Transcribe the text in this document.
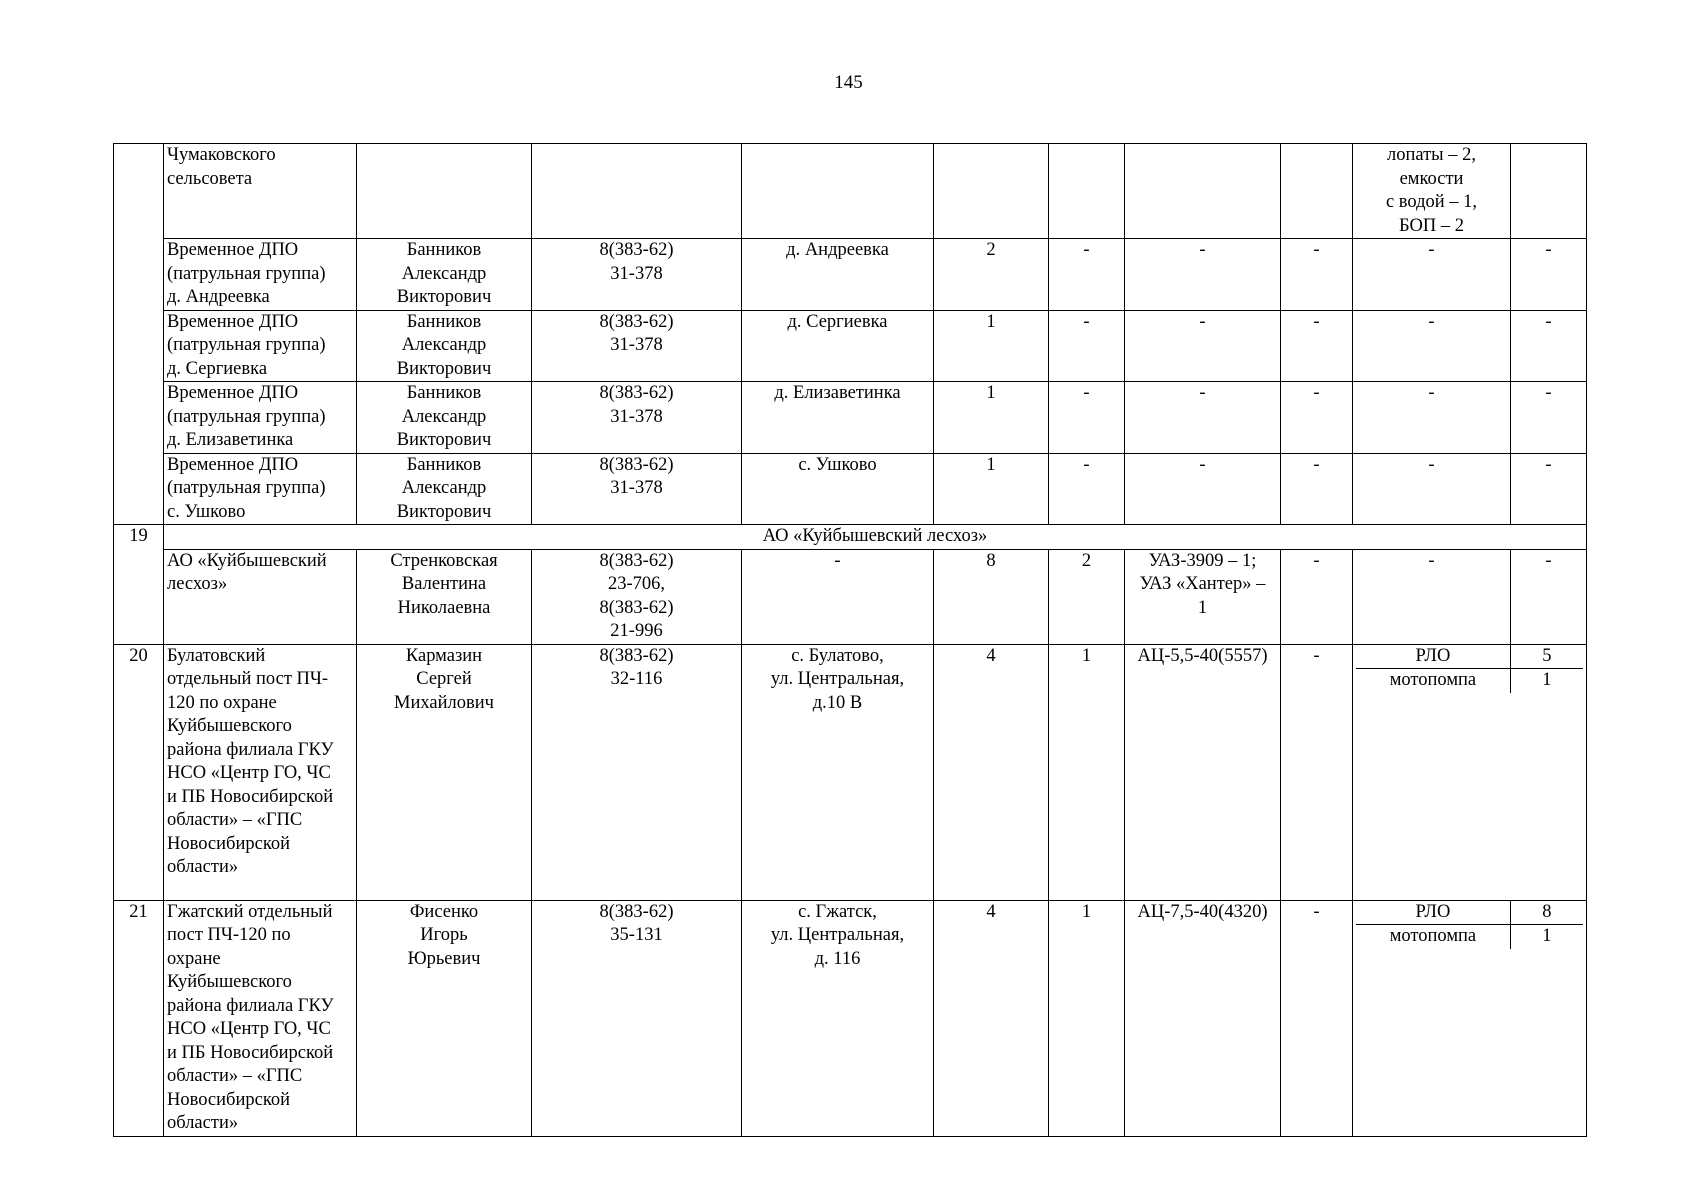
145
	Чумаковского
сельсовета								лопаты – 2,
емкости
с водой – 1,
БОП – 2	
Временное ДПО
(патрульная группа)
д. Андреевка	Банников
Александр
Викторович	8(383-62)
31-378	д. Андреевка	2	-	-	-	-	-
Временное ДПО
(патрульная группа)
д. Сергиевка	Банников
Александр
Викторович	8(383-62)
31-378	д. Сергиевка	1	-	-	-	-	-
Временное ДПО
(патрульная группа)
д. Елизаветинка	Банников
Александр
Викторович	8(383-62)
31-378	д. Елизаветинка	1	-	-	-	-	-
Временное ДПО
(патрульная группа)
с. Ушково	Банников
Александр
Викторович	8(383-62)
31-378	с. Ушково	1	-	-	-	-	-
19	АО «Куйбышевский лесхоз»
АО «Куйбышевский
лесхоз»	Стренковская
Валентина
Николаевна	8(383-62)
23-706,
8(383-62)
21-996	-	8	2	УАЗ-3909 – 1;
УАЗ «Хантер» –
1	-	-	-
20	Булатовский
отдельный пост ПЧ-
120 по охране
Куйбышевского
района филиала ГКУ
НСО «Центр ГО, ЧС
и ПБ Новосибирской
области» – «ГПС
Новосибирской
области»	Кармазин
Сергей
Михайлович	8(383-62)
32-116	с. Булатово,
ул. Центральная,
д.10 В	4	1	АЦ-5,5-40(5557)	-		РЛО	5
мотопомпа	1

21	Гжатский отдельный
пост ПЧ-120 по
охране
Куйбышевского
района филиала ГКУ
НСО «Центр ГО, ЧС
и ПБ Новосибирской
области» – «ГПС
Новосибирской
области»	Фисенко
Игорь
Юрьевич	8(383-62)
35-131	с. Гжатск,
ул. Центральная,
д. 116	4	1	АЦ-7,5-40(4320)	-		РЛО	8
мотопомпа	1
